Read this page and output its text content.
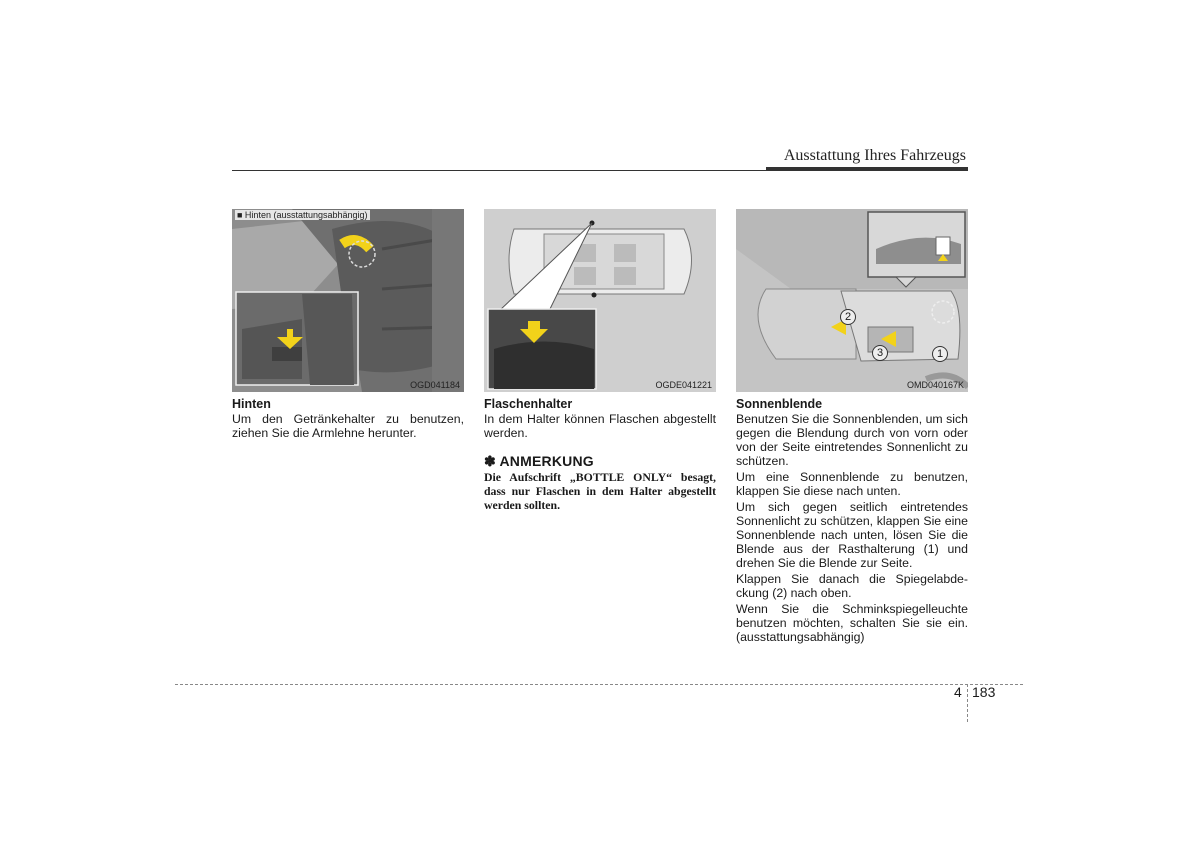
Ausstattung Ihres Fahrzeugs
■ Hinten (ausstattungsabhängig)
OGD041184	OGDE041221
2
3	1
OMD040167K
Hinten

Um den Getränkehalter zu benutzen, ziehen Sie die Armlehne herunter.

Flaschenhalter

In dem Halter können Flaschen abgestellt werden.

✽ ANMERKUNG
Die Aufschrift „BOTTLE ONLY“ besagt, dass nur Flaschen in dem Halter abgestellt werden sollten.
Sonnenblende

Benutzen Sie die Sonnenblenden, um sich gegen die Blendung durch von vorn oder von der Seite eintretendes Sonnenlicht zu schützen.

Um eine Sonnenblende zu benutzen, klappen Sie diese nach unten.

Um sich gegen seitlich eintretendes Sonnenlicht zu schützen, klappen Sie eine Sonnenblende nach unten, lösen Sie die Blende aus der Rasthalterung (1) und drehen Sie die Blende zur Seite.

Klappen Sie danach die Spiegelabde-ckung (2) nach oben.

Wenn Sie die Schminkspiegelleuchte benutzen möchten, schalten Sie sie ein. (ausstattungsabhängig)

4 183
